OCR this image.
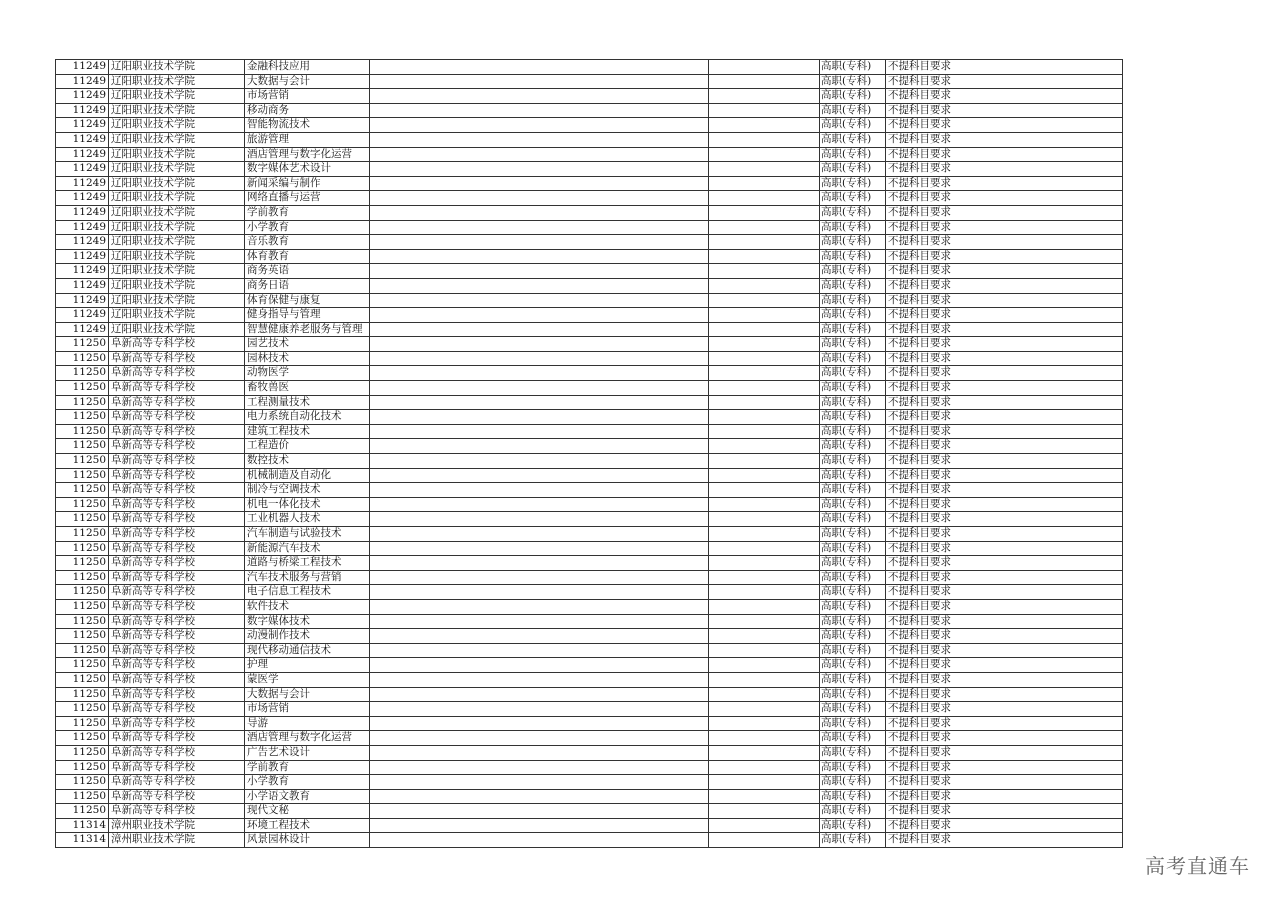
11249	辽阳职业技术学院	金融科技应用			高职(专科)	不提科目要求
11249	辽阳职业技术学院	大数据与会计			高职(专科)	不提科目要求
11249	辽阳职业技术学院	市场营销			高职(专科)	不提科目要求
11249	辽阳职业技术学院	移动商务			高职(专科)	不提科目要求
11249	辽阳职业技术学院	智能物流技术			高职(专科)	不提科目要求
11249	辽阳职业技术学院	旅游管理			高职(专科)	不提科目要求
11249	辽阳职业技术学院	酒店管理与数字化运营			高职(专科)	不提科目要求
11249	辽阳职业技术学院	数字媒体艺术设计			高职(专科)	不提科目要求
11249	辽阳职业技术学院	新闻采编与制作			高职(专科)	不提科目要求
11249	辽阳职业技术学院	网络直播与运营			高职(专科)	不提科目要求
11249	辽阳职业技术学院	学前教育			高职(专科)	不提科目要求
11249	辽阳职业技术学院	小学教育			高职(专科)	不提科目要求
11249	辽阳职业技术学院	音乐教育			高职(专科)	不提科目要求
11249	辽阳职业技术学院	体育教育			高职(专科)	不提科目要求
11249	辽阳职业技术学院	商务英语			高职(专科)	不提科目要求
11249	辽阳职业技术学院	商务日语			高职(专科)	不提科目要求
11249	辽阳职业技术学院	体育保健与康复			高职(专科)	不提科目要求
11249	辽阳职业技术学院	健身指导与管理			高职(专科)	不提科目要求
11249	辽阳职业技术学院	智慧健康养老服务与管理			高职(专科)	不提科目要求
11250	阜新高等专科学校	园艺技术			高职(专科)	不提科目要求
11250	阜新高等专科学校	园林技术			高职(专科)	不提科目要求
11250	阜新高等专科学校	动物医学			高职(专科)	不提科目要求
11250	阜新高等专科学校	畜牧兽医			高职(专科)	不提科目要求
11250	阜新高等专科学校	工程测量技术			高职(专科)	不提科目要求
11250	阜新高等专科学校	电力系统自动化技术			高职(专科)	不提科目要求
11250	阜新高等专科学校	建筑工程技术			高职(专科)	不提科目要求
11250	阜新高等专科学校	工程造价			高职(专科)	不提科目要求
11250	阜新高等专科学校	数控技术			高职(专科)	不提科目要求
11250	阜新高等专科学校	机械制造及自动化			高职(专科)	不提科目要求
11250	阜新高等专科学校	制冷与空调技术			高职(专科)	不提科目要求
11250	阜新高等专科学校	机电一体化技术			高职(专科)	不提科目要求
11250	阜新高等专科学校	工业机器人技术			高职(专科)	不提科目要求
11250	阜新高等专科学校	汽车制造与试验技术			高职(专科)	不提科目要求
11250	阜新高等专科学校	新能源汽车技术			高职(专科)	不提科目要求
11250	阜新高等专科学校	道路与桥梁工程技术			高职(专科)	不提科目要求
11250	阜新高等专科学校	汽车技术服务与营销			高职(专科)	不提科目要求
11250	阜新高等专科学校	电子信息工程技术			高职(专科)	不提科目要求
11250	阜新高等专科学校	软件技术			高职(专科)	不提科目要求
11250	阜新高等专科学校	数字媒体技术			高职(专科)	不提科目要求
11250	阜新高等专科学校	动漫制作技术			高职(专科)	不提科目要求
11250	阜新高等专科学校	现代移动通信技术			高职(专科)	不提科目要求
11250	阜新高等专科学校	护理			高职(专科)	不提科目要求
11250	阜新高等专科学校	蒙医学			高职(专科)	不提科目要求
11250	阜新高等专科学校	大数据与会计			高职(专科)	不提科目要求
11250	阜新高等专科学校	市场营销			高职(专科)	不提科目要求
11250	阜新高等专科学校	导游			高职(专科)	不提科目要求
11250	阜新高等专科学校	酒店管理与数字化运营			高职(专科)	不提科目要求
11250	阜新高等专科学校	广告艺术设计			高职(专科)	不提科目要求
11250	阜新高等专科学校	学前教育			高职(专科)	不提科目要求
11250	阜新高等专科学校	小学教育			高职(专科)	不提科目要求
11250	阜新高等专科学校	小学语文教育			高职(专科)	不提科目要求
11250	阜新高等专科学校	现代文秘			高职(专科)	不提科目要求
11314	漳州职业技术学院	环境工程技术			高职(专科)	不提科目要求
11314	漳州职业技术学院	风景园林设计			高职(专科)	不提科目要求
高考直通车
